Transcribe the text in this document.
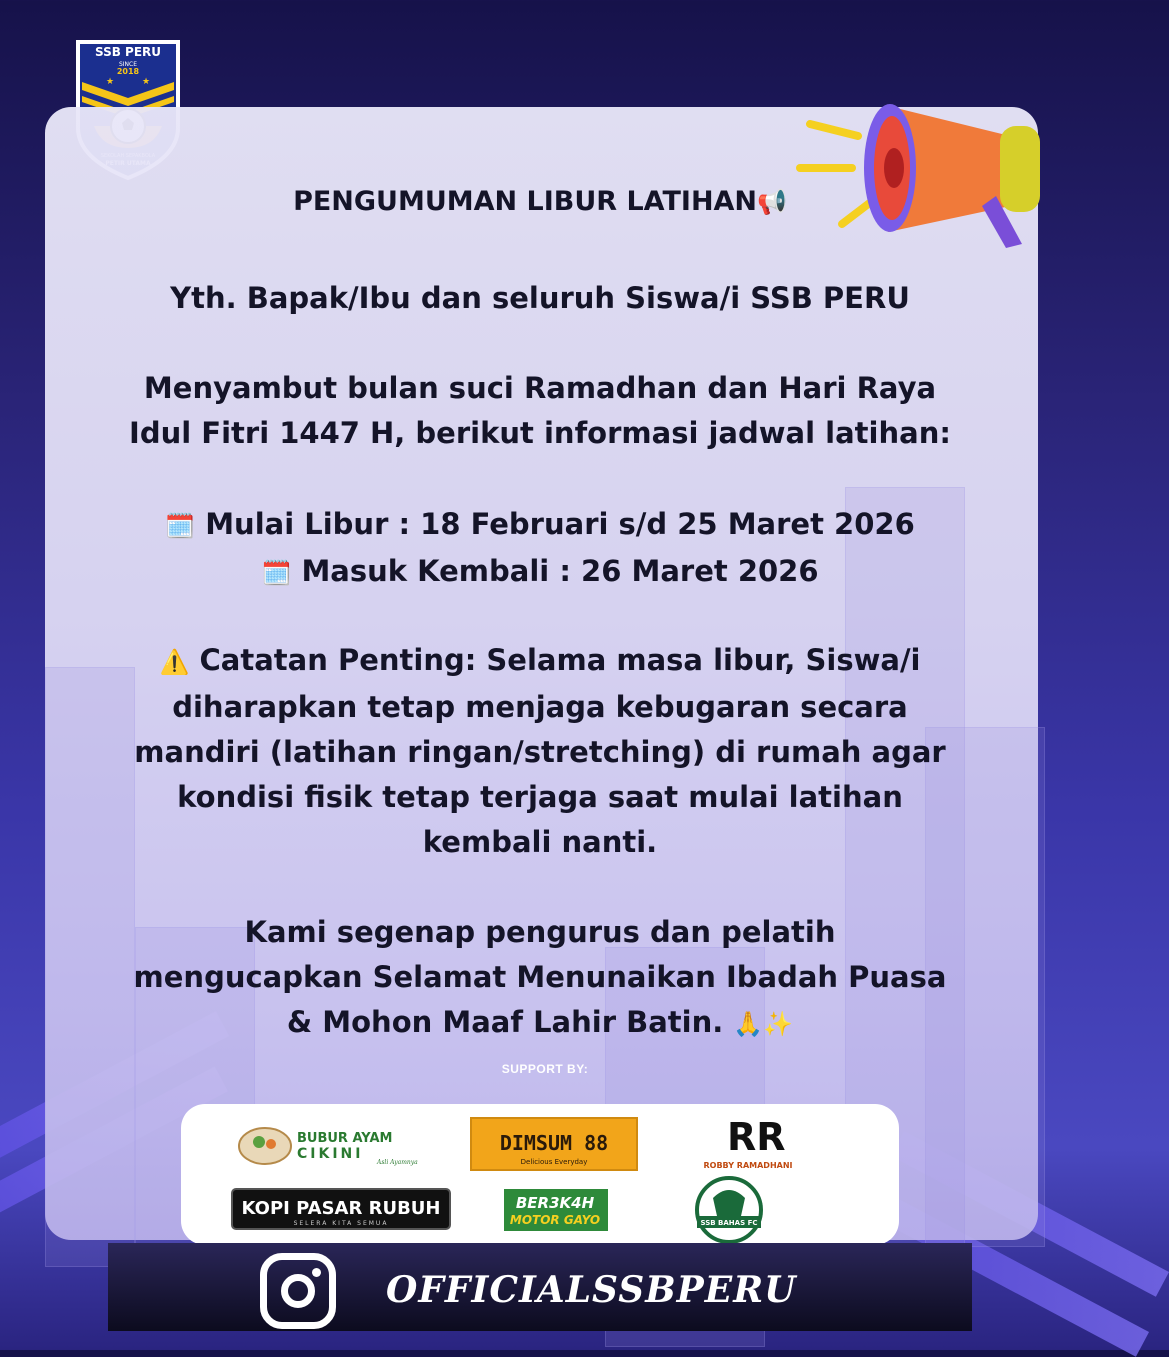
SSB PERU
SINCE
2018
★	★
PENGUMUMAN LIBUR LATIHAN📢
Yth. Bapak/Ibu dan seluruh Siswa/i SSB PERU
Menyambut bulan suci Ramadhan dan Hari Raya
Idul Fitri 1447 H, berikut informasi jadwal latihan:
🗓️ Mulai Libur : 18 Februari s/d 25 Maret 2026
🗓️ Masuk Kembali : 26 Maret 2026
⚠️ Catatan Penting: Selama masa libur, Siswa/i
diharapkan tetap menjaga kebugaran secara
mandiri (latihan ringan/stretching) di rumah agar
kondisi fisik tetap terjaga saat mulai latihan
kembali nanti.
Kami segenap pengurus dan pelatih
mengucapkan Selamat Menunaikan Ibadah Puasa
& Mohon Maaf Lahir Batin. 🙏✨
SUPPORT BY:
BUBUR AYAM
CIKINI
Asli Ayamnya
DIMSUM 88
Delicious Everyday
RR
ROBBY RAMADHANI
KOPI PASAR RUBUH
SELERA KITA SEMUA
BER3K4H
MOTOR GAYO	SSB BAHAS FC
OFFICIALSSBPERU
